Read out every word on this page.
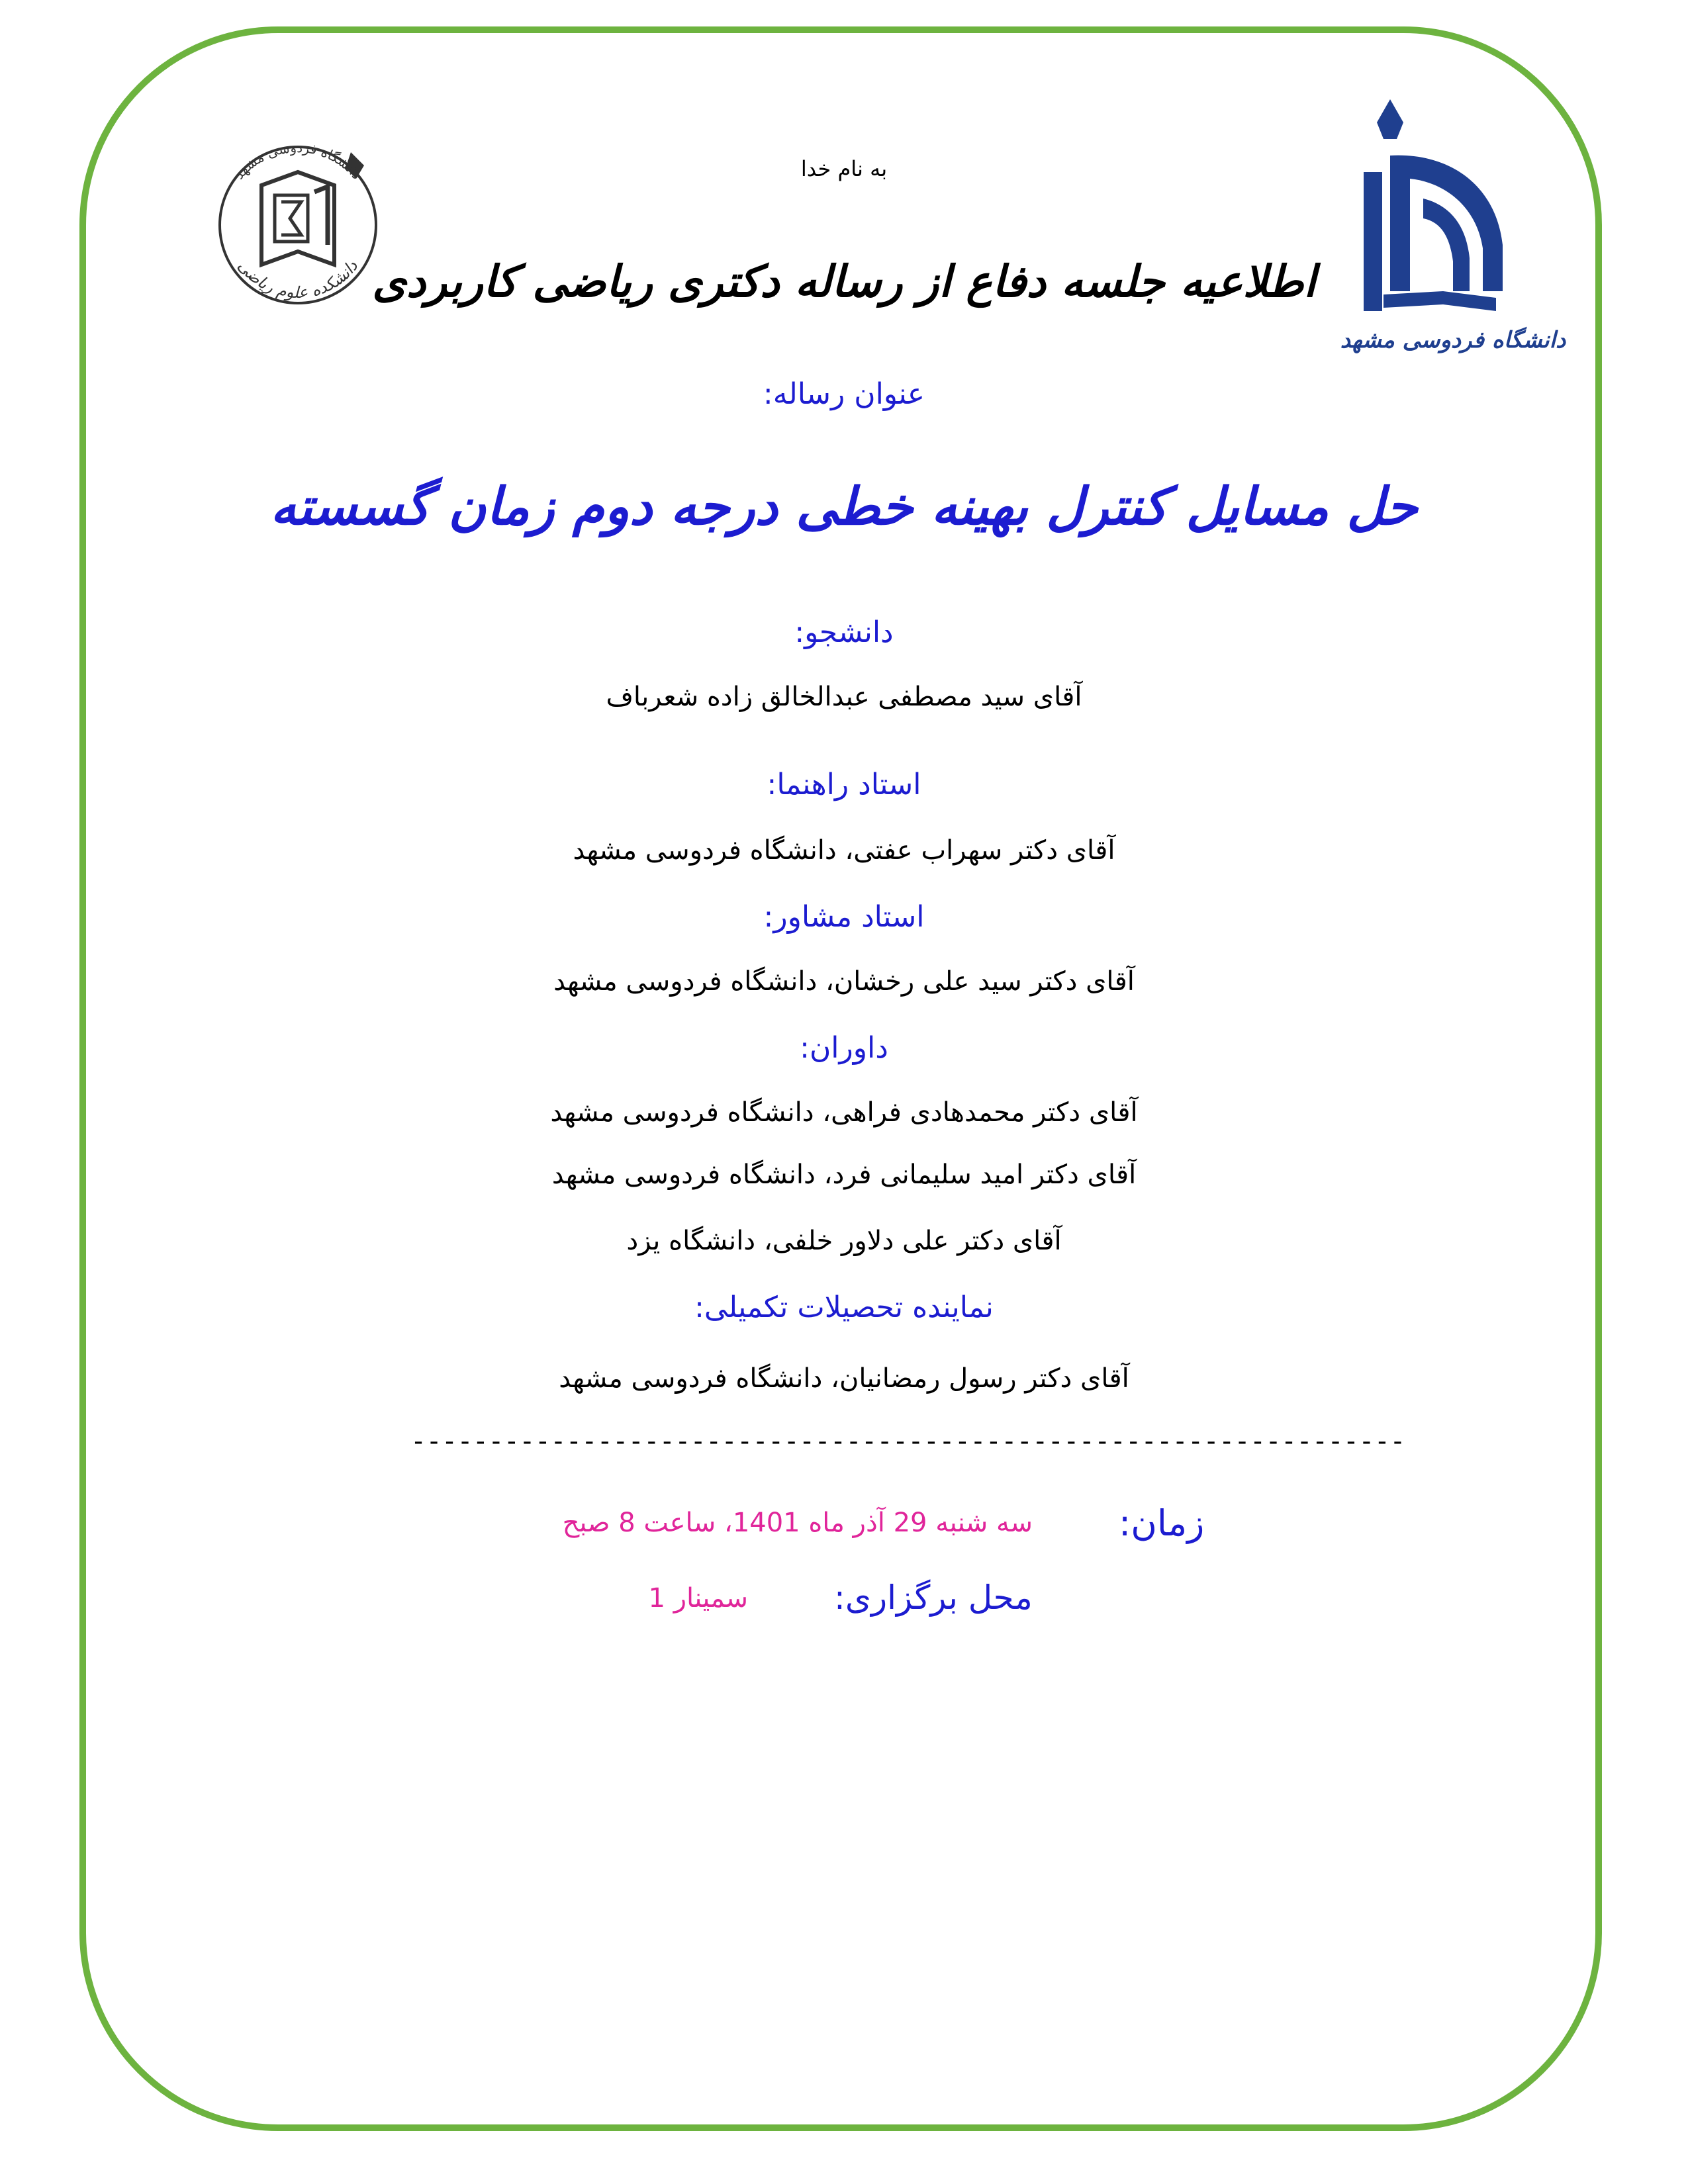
دانشگاه فردوسی مشهد
دانشکده علوم ریاضی
دانشگاه فردوسی مشهد
به نام خدا
اطلاعیه جلسه دفاع از رساله دکتری ریاضی کاربردی
عنوان رساله:
حل مسایل کنترل بهینه خطی درجه دوم زمان گسسته
دانشجو:
آقای سید مصطفی عبدالخالق زاده شعرباف
استاد راهنما:
آقای دکتر سهراب عفتی، دانشگاه فردوسی مشهد
استاد مشاور:
آقای دکتر سید علی رخشان، دانشگاه فردوسی مشهد
داوران:
آقای دکتر محمدهادی فراهی، دانشگاه فردوسی مشهد
آقای دکتر امید سلیمانی فرد، دانشگاه فردوسی مشهد
آقای دکتر علی دلاور خلفی، دانشگاه یزد
نماینده تحصیلات تکمیلی:
آقای دکتر رسول رمضانیان، دانشگاه فردوسی مشهد
----------------------------------------------------------------
زمان:
سه شنبه 29 آذر ماه 1401، ساعت 8 صبح
محل برگزاری:
سمینار 1
